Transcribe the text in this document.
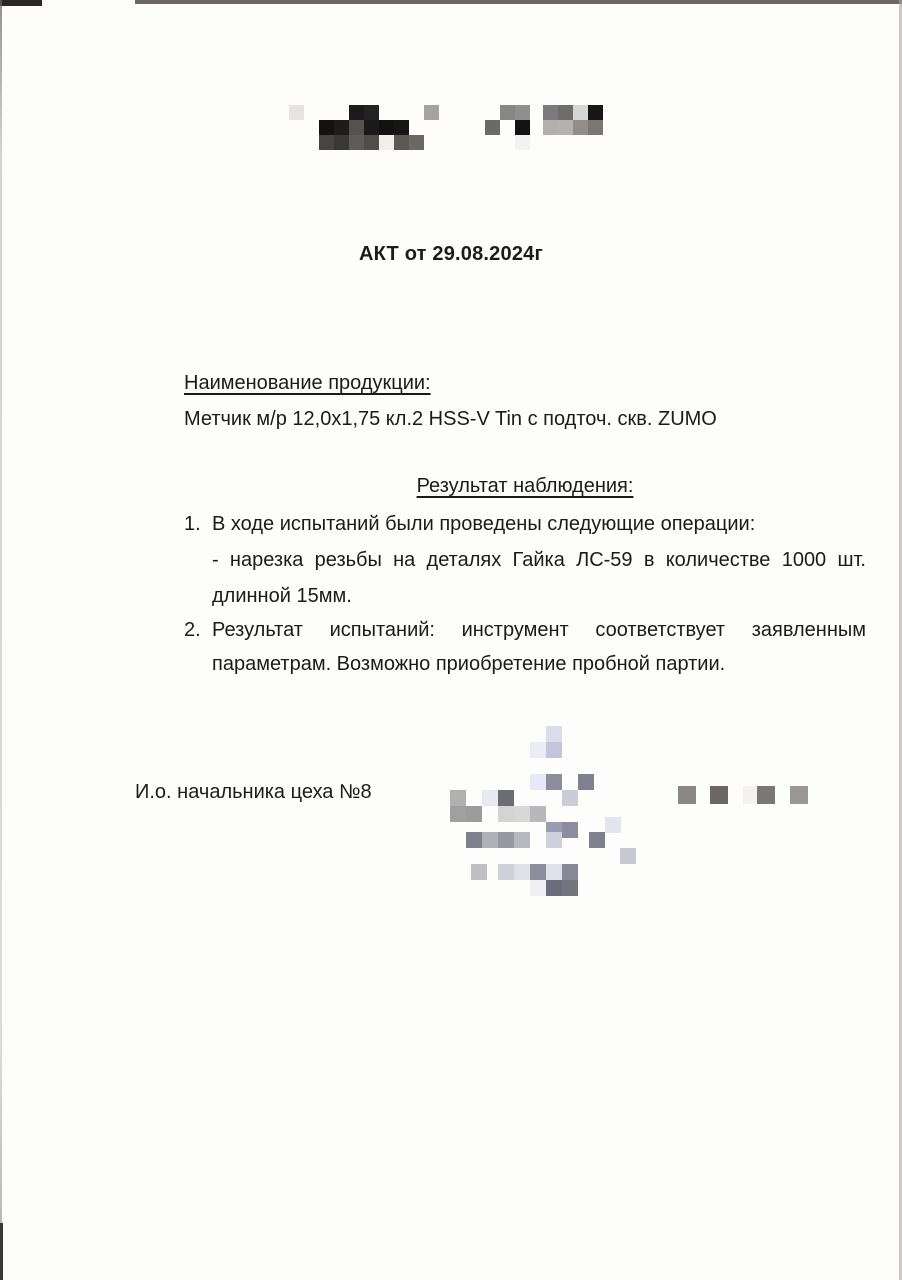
АКТ от 29.08.2024г
Наименование продукции:
Метчик м/р 12,0х1,75 кл.2 HSS-V Tin с подточ. скв. ZUMO
Результат наблюдения:
1. В ходе испытаний были проведены следующие операции:
- нарезка резьбы на деталях Гайка ЛС-59 в количестве 1000 шт.
длинной 15мм.
2. Результат испытаний: инструмент соответствует заявленным
параметрам. Возможно приобретение пробной партии.
И.о. начальника цеха №8
